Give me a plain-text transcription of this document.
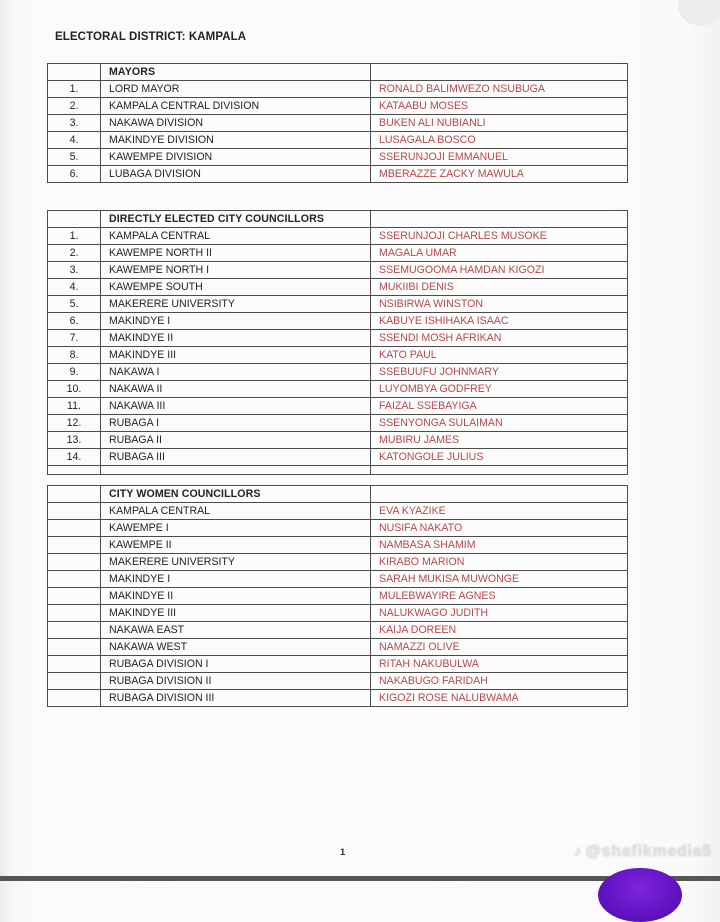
ELECTORAL DISTRICT: KAMPALA
	MAYORS	
1.	LORD MAYOR	RONALD BALIMWEZO NSUBUGA
2.	KAMPALA CENTRAL DIVISION	KATAABU MOSES
3.	NAKAWA DIVISION	BUKEN ALI NUBIANLI
4.	MAKINDYE DIVISION	LUSAGALA BOSCO
5.	KAWEMPE DIVISION	SSERUNJOJI EMMANUEL
6.	LUBAGA DIVISION	MBERAZZE ZACKY MAWULA
	DIRECTLY ELECTED CITY COUNCILLORS	
1.	KAMPALA CENTRAL	SSERUNJOJI CHARLES MUSOKE
2.	KAWEMPE NORTH II	MAGALA UMAR
3.	KAWEMPE NORTH I	SSEMUGOOMA HAMDAN KIGOZI
4.	KAWEMPE SOUTH	MUKIIBI DENIS
5.	MAKERERE UNIVERSITY	NSIBIRWA WINSTON
6.	MAKINDYE I	KABUYE ISHIHAKA ISAAC
7.	MAKINDYE II	SSENDI MOSH AFRIKAN
8.	MAKINDYE III	KATO PAUL
9.	NAKAWA I	SSEBUUFU JOHNMARY
10.	NAKAWA II	LUYOMBYA GODFREY
11.	NAKAWA III	FAIZAL SSEBAYIGA
12.	RUBAGA I	SSENYONGA SULAIMAN
13.	RUBAGA II	MUBIRU JAMES
14.	RUBAGA III	KATONGOLE JULIUS

	CITY WOMEN COUNCILLORS	
	KAMPALA CENTRAL	EVA KYAZIKE
	KAWEMPE I	NUSIFA NAKATO
	KAWEMPE II	NAMBASA SHAMIM
	MAKERERE UNIVERSITY	KIRABO MARION
	MAKINDYE I	SARAH MUKISA MUWONGE
	MAKINDYE II	MULEBWAYIRE AGNES
	MAKINDYE III	NALUKWAGO JUDITH
	NAKAWA EAST	KAIJA DOREEN
	NAKAWA WEST	NAMAZZI OLIVE
	RUBAGA DIVISION I	RITAH NAKUBULWA
	RUBAGA DIVISION II	NAKABUGO FARIDAH
	RUBAGA DIVISION III	KIGOZI ROSE NALUBWAMA
1	♪ @shafikmedia5
